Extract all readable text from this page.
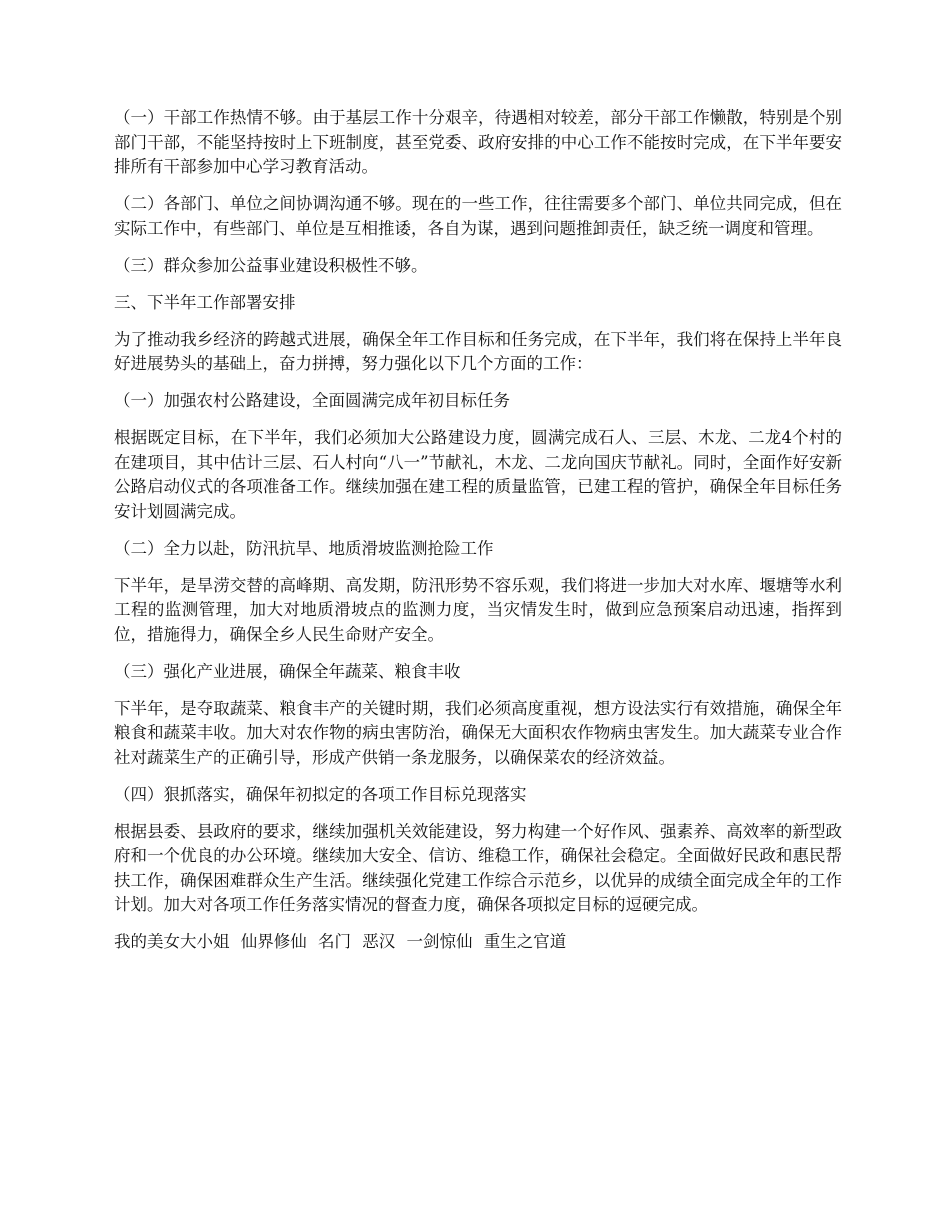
（一）干部工作热情不够。由于基层工作十分艰辛，待遇相对较差，部分干部工作懒散，特别是个别部门干部，不能坚持按时上下班制度，甚至党委、政府安排的中心工作不能按时完成，在下半年要安排所有干部参加中心学习教育活动。

（二）各部门、单位之间协调沟通不够。现在的一些工作，往往需要多个部门、单位共同完成，但在实际工作中，有些部门、单位是互相推诿，各自为谋，遇到问题推卸责任，缺乏统一调度和管理。

（三）群众参加公益事业建设积极性不够。

三、下半年工作部署安排

为了推动我乡经济的跨越式进展，确保全年工作目标和任务完成，在下半年，我们将在保持上半年良好进展势头的基础上，奋力拼搏，努力强化以下几个方面的工作：

（一）加强农村公路建设，全面圆满完成年初目标任务

根据既定目标，在下半年，我们必须加大公路建设力度，圆满完成石人、三层、木龙、二龙4个村的在建项目，其中估计三层、石人村向“八一”节献礼，木龙、二龙向国庆节献礼。同时，全面作好安新公路启动仪式的各项准备工作。继续加强在建工程的质量监管，已建工程的管护，确保全年目标任务安计划圆满完成。

（二）全力以赴，防汛抗旱、地质滑坡监测抢险工作

下半年，是旱涝交替的高峰期、高发期，防汛形势不容乐观，我们将进一步加大对水库、堰塘等水利工程的监测管理，加大对地质滑坡点的监测力度，当灾情发生时，做到应急预案启动迅速，指挥到位，措施得力，确保全乡人民生命财产安全。

（三）强化产业进展，确保全年蔬菜、粮食丰收

下半年，是夺取蔬菜、粮食丰产的关键时期，我们必须高度重视，想方设法实行有效措施，确保全年粮食和蔬菜丰收。加大对农作物的病虫害防治，确保无大面积农作物病虫害发生。加大蔬菜专业合作社对蔬菜生产的正确引导，形成产供销一条龙服务，以确保菜农的经济效益。

（四）狠抓落实，确保年初拟定的各项工作目标兑现落实

根据县委、县政府的要求，继续加强机关效能建设，努力构建一个好作风、强素养、高效率的新型政府和一个优良的办公环境。继续加大安全、信访、维稳工作，确保社会稳定。全面做好民政和惠民帮扶工作，确保困难群众生产生活。继续强化党建工作综合示范乡，以优异的成绩全面完成全年的工作计划。加大对各项工作任务落实情况的督查力度，确保各项拟定目标的逗硬完成。

我的美女大小姐 仙界修仙 名门 恶汉 一剑惊仙 重生之官道
